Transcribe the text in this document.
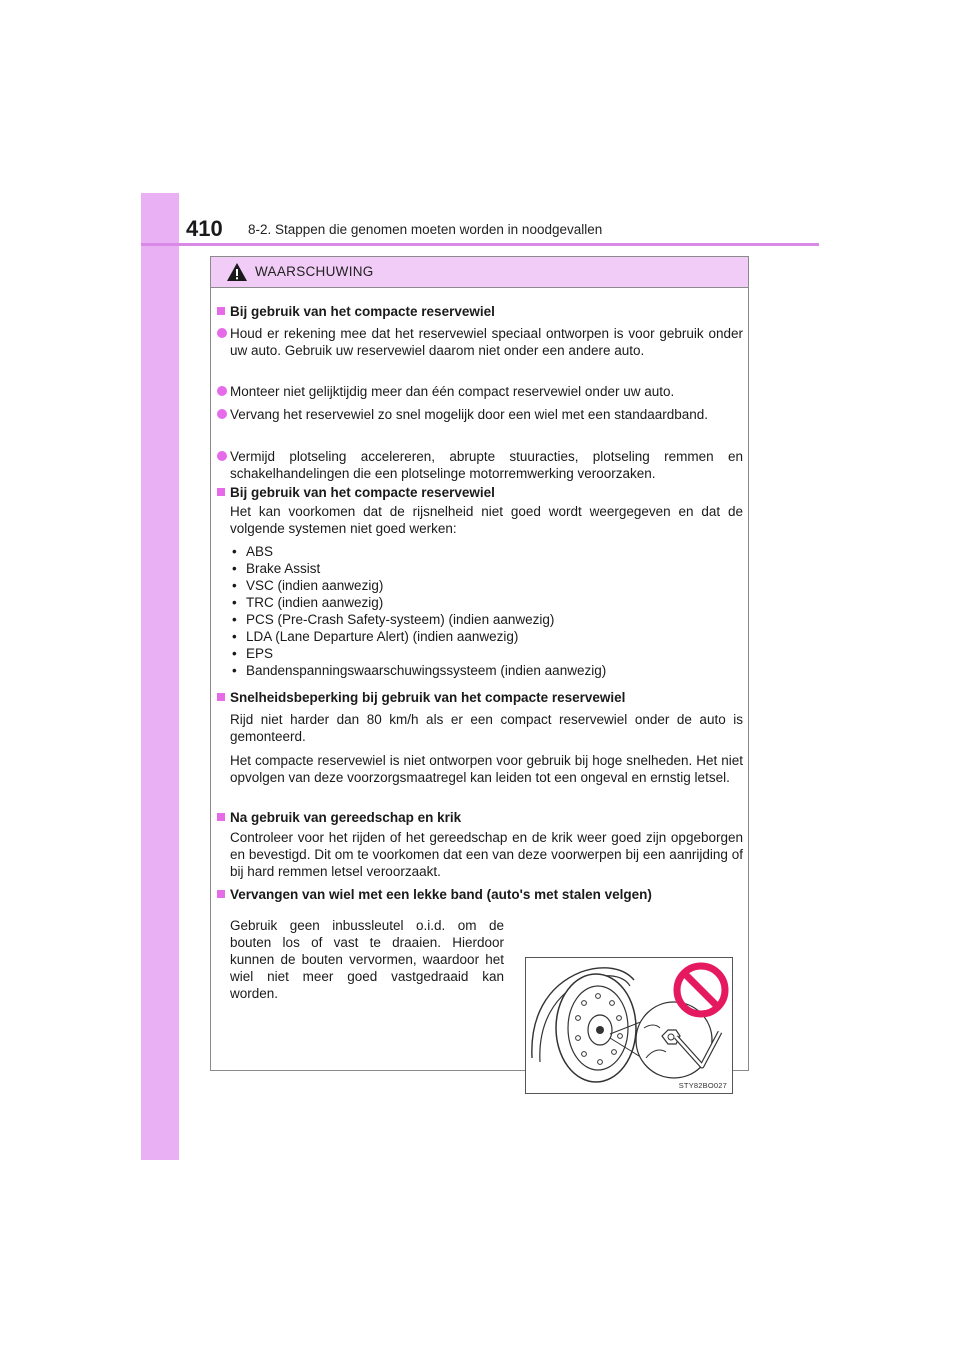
410 8-2. Stappen die genomen moeten worden in noodgevallen
WAARSCHUWING
Bij gebruik van het compacte reservewiel
Houd er rekening mee dat het reservewiel speciaal ontworpen is voor gebruik onder uw auto. Gebruik uw reservewiel daarom niet onder een andere auto.
Monteer niet gelijktijdig meer dan één compact reservewiel onder uw auto.
Vervang het reservewiel zo snel mogelijk door een wiel met een standaardband.
Vermijd plotseling accelereren, abrupte stuuracties, plotseling remmen en schakelhandelingen die een plotselinge motorremwerking veroorzaken.
Bij gebruik van het compacte reservewiel
Het kan voorkomen dat de rijsnelheid niet goed wordt weergegeven en dat de volgende systemen niet goed werken:
• ABS
• Brake Assist
• VSC (indien aanwezig)
• TRC (indien aanwezig)
• PCS (Pre-Crash Safety-systeem) (indien aanwezig)
• LDA (Lane Departure Alert) (indien aanwezig)
• EPS
• Bandenspanningswaarschuwingssysteem (indien aanwezig)
Snelheidsbeperking bij gebruik van het compacte reservewiel
Rijd niet harder dan 80 km/h als er een compact reservewiel onder de auto is gemonteerd.
Het compacte reservewiel is niet ontworpen voor gebruik bij hoge snelheden. Het niet opvolgen van deze voorzorgsmaatregel kan leiden tot een ongeval en ernstig letsel.
Na gebruik van gereedschap en krik
Controleer voor het rijden of het gereedschap en de krik weer goed zijn opgeborgen en bevestigd. Dit om te voorkomen dat een van deze voorwerpen bij een aanrijding of bij hard remmen letsel veroorzaakt.
Vervangen van wiel met een lekke band (auto's met stalen velgen)
Gebruik geen inbussleutel o.i.d. om de bouten los of vast te draaien. Hierdoor kunnen de bouten vervormen, waardoor het wiel niet meer goed vastgedraaid kan worden.
STY82BO027
